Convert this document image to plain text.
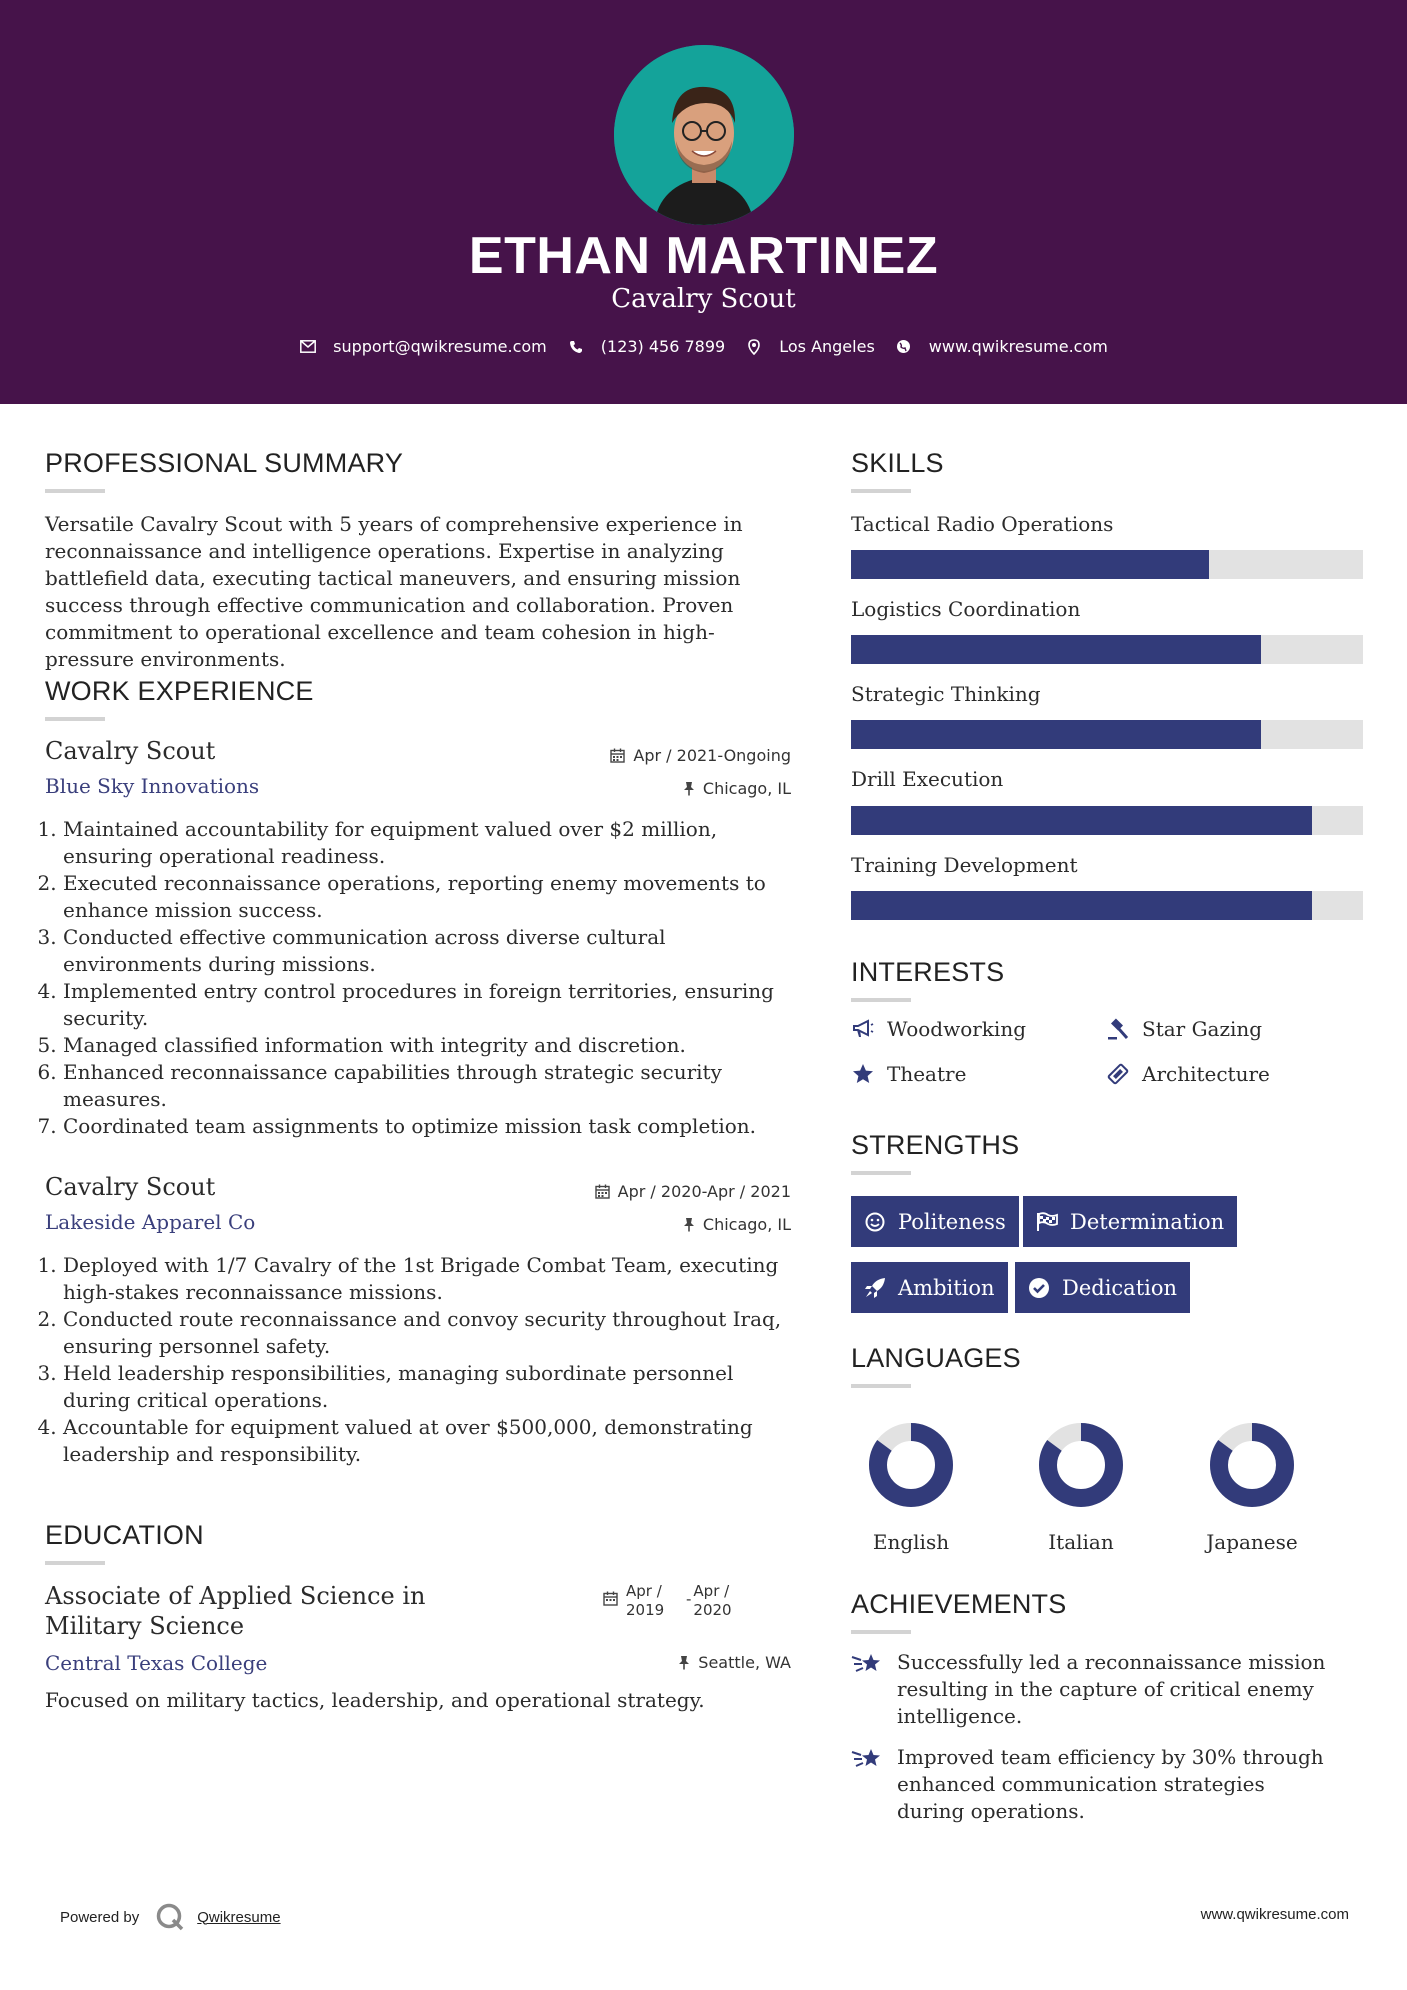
ETHAN MARTINEZ
Cavalry Scout
support@qwikresume.com	(123) 456 7899	Los Angeles	www.qwikresume.com
PROFESSIONAL SUMMARY
Versatile Cavalry Scout with 5 years of comprehensive experience in reconnaissance and intelligence operations. Expertise in analyzing battlefield data, executing tactical maneuvers, and ensuring mission success through effective communication and collaboration. Proven commitment to operational excellence and team cohesion in high-pressure environments.
WORK EXPERIENCE
Cavalry Scout	Apr / 2021-Ongoing
Blue Sky Innovations	Chicago, IL
1. Maintained accountability for equipment valued over $2 million, ensuring operational readiness.
2. Executed reconnaissance operations, reporting enemy movements to enhance mission success.
3. Conducted effective communication across diverse cultural environments during missions.
4. Implemented entry control procedures in foreign territories, ensuring security.
5. Managed classified information with integrity and discretion.
6. Enhanced reconnaissance capabilities through strategic security measures.
7. Coordinated team assignments to optimize mission task completion.
Cavalry Scout	Apr / 2020-Apr / 2021
Lakeside Apparel Co	Chicago, IL
1. Deployed with 1/7 Cavalry of the 1st Brigade Combat Team, executing high-stakes reconnaissance missions.
2. Conducted route reconnaissance and convoy security throughout Iraq, ensuring personnel safety.
3. Held leadership responsibilities, managing subordinate personnel during critical operations.
4. Accountable for equipment valued at over $500,000, demonstrating leadership and responsibility.
EDUCATION
Associate of Applied Science in Military Science
Apr / 2019
- Apr / 2020
Central Texas College	Seattle, WA
Focused on military tactics, leadership, and operational strategy.
SKILLS
Tactical Radio Operations
Logistics Coordination
Strategic Thinking
Drill Execution
Training Development
INTERESTS
Woodworking	Star Gazing
Theatre	Architecture
STRENGTHS
Politeness	Determination
Ambition	Dedication
LANGUAGES
English	Italian	Japanese
ACHIEVEMENTS
Successfully led a reconnaissance mission resulting in the capture of critical enemy intelligence.
Improved team efficiency by 30% through enhanced communication strategies during operations.
Powered by	Qwikresume	www.qwikresume.com
